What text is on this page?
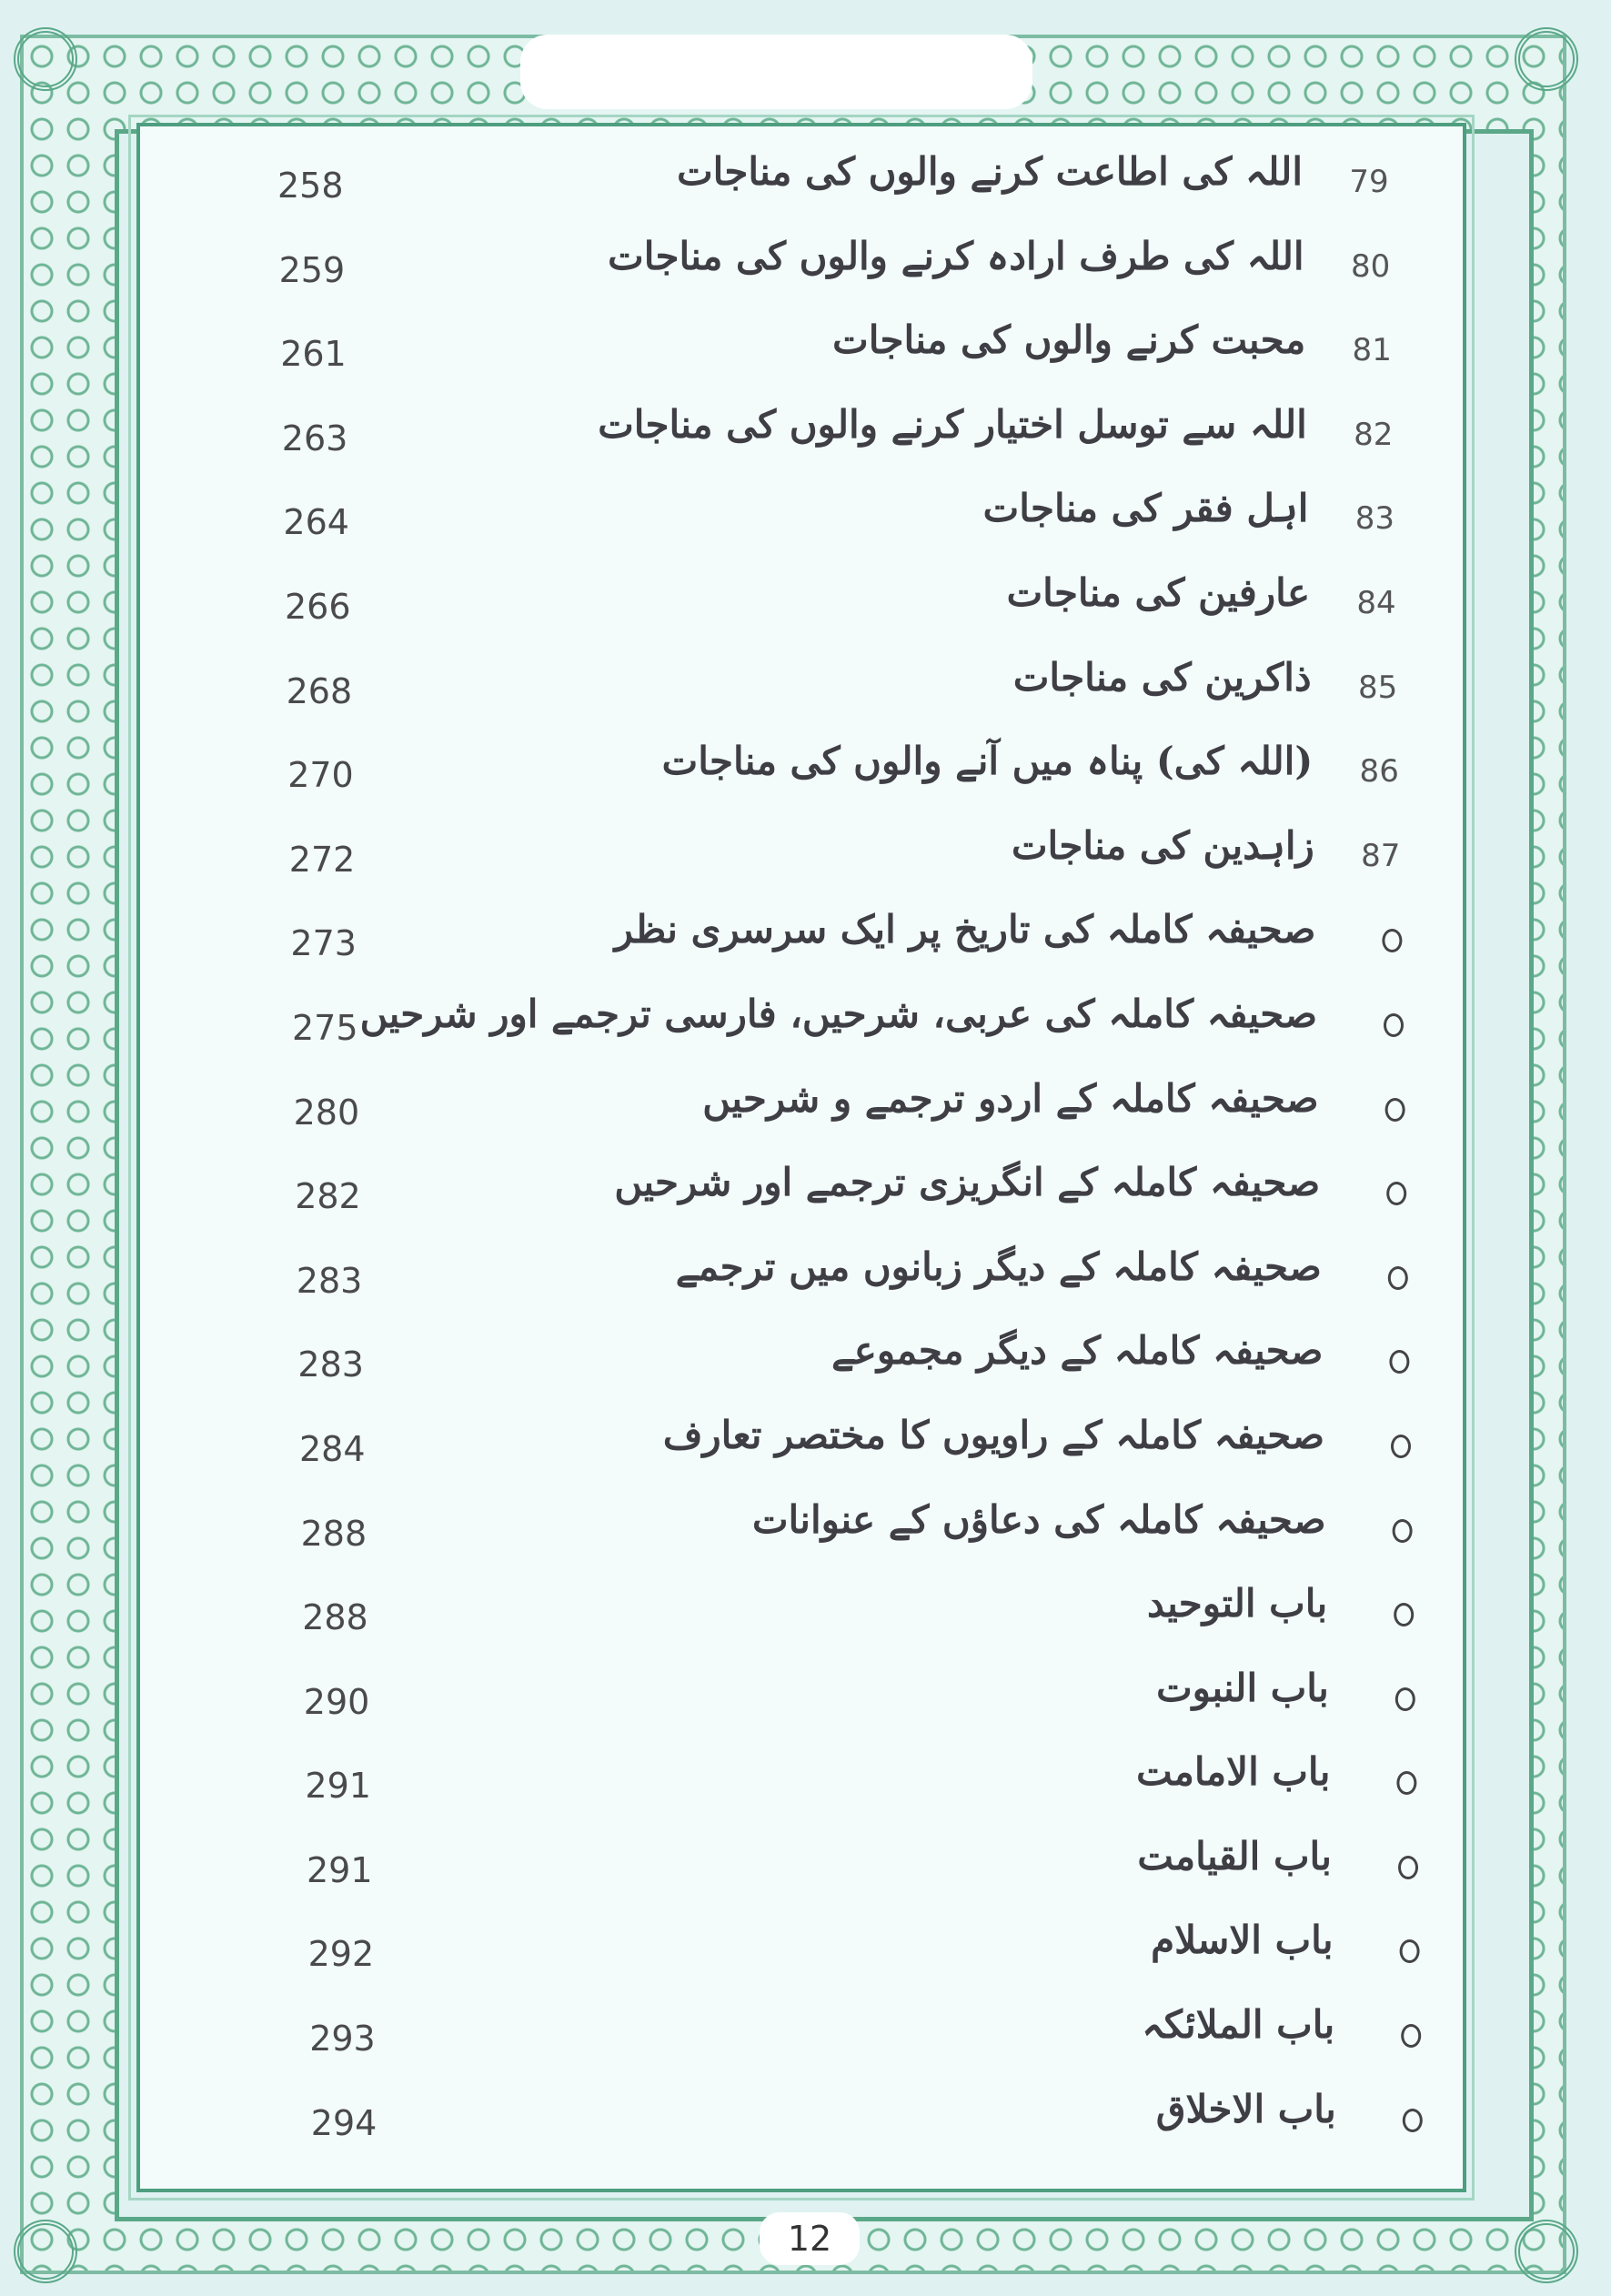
79
اللہ کی اطاعت کرنے والوں کی مناجات
258
80
اللہ کی طرف ارادہ کرنے والوں کی مناجات
259
81
محبت کرنے والوں کی مناجات
261
82
اللہ سے توسل اختیار کرنے والوں کی مناجات
263
83
اہل فقر کی مناجات
264
84
عارفین کی مناجات
266
85
ذاکرین کی مناجات
268
86
(اللہ کی) پناہ میں آنے والوں کی مناجات
270
87
زاہدین کی مناجات
272
صحیفہ کاملہ کی تاریخ پر ایک سرسری نظر
273
صحیفہ کاملہ کی عربی، شرحیں، فارسی ترجمے اور شرحیں
275
صحیفہ کاملہ کے اردو ترجمے و شرحیں
280
صحیفہ کاملہ کے انگریزی ترجمے اور شرحیں
282
صحیفہ کاملہ کے دیگر زبانوں میں ترجمے
283
صحیفہ کاملہ کے دیگر مجموعے
283
صحیفہ کاملہ کے راویوں کا مختصر تعارف
284
صحیفہ کاملہ کی دعاؤں کے عنوانات
288
باب التوحید
288
باب النبوت
290
باب الامامت
291
باب القیامت
291
باب الاسلام
292
باب الملائکہ
293
باب الاخلاق
294
12
